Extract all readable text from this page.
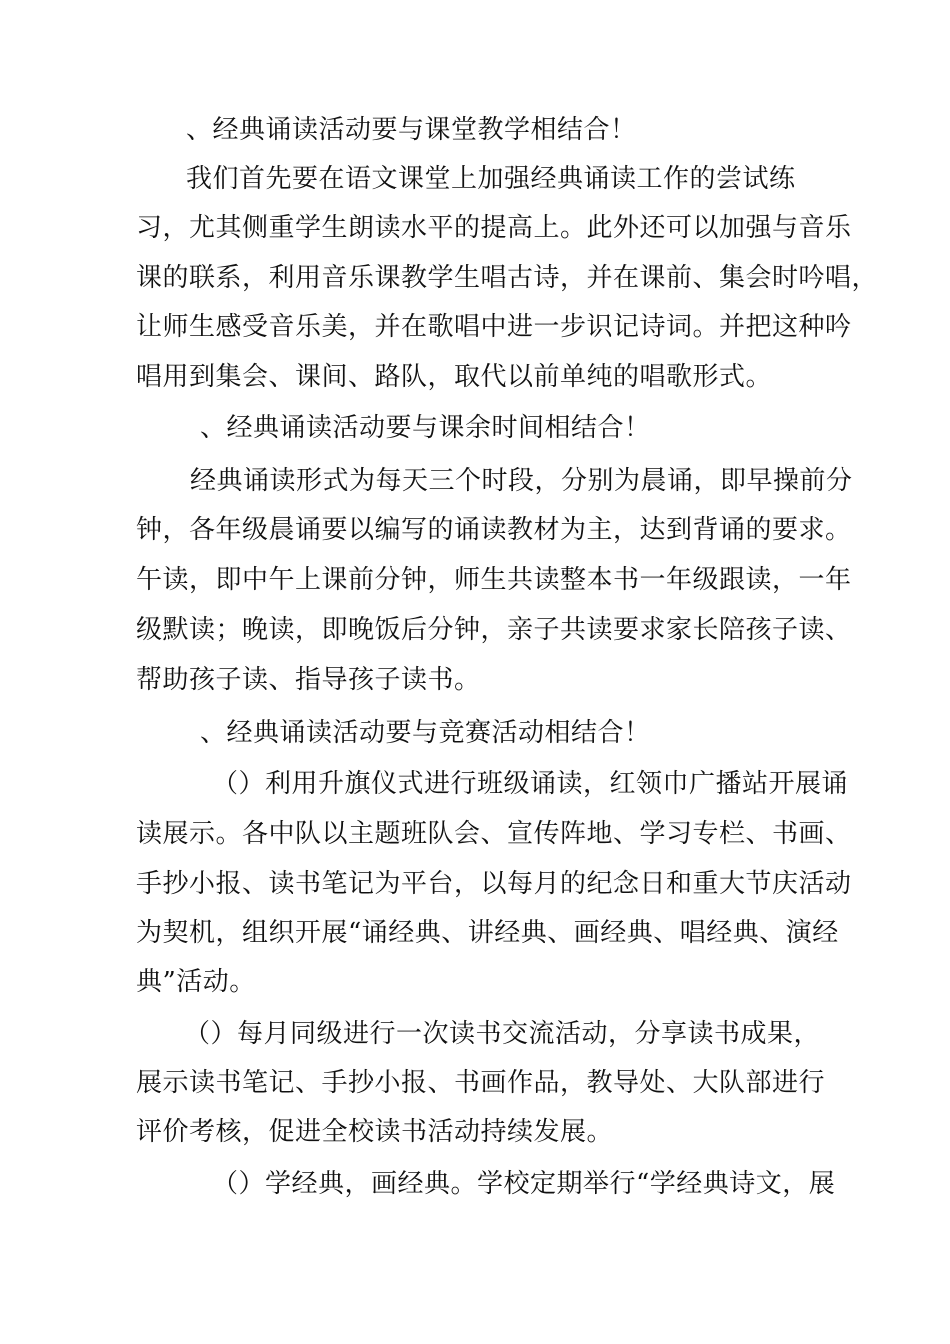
、经典诵读活动要与课堂教学相结合！
我们首先要在语文课堂上加强经典诵读工作的尝试练
习，尤其侧重学生朗读水平的提高上。此外还可以加强与音乐
课的联系，利用音乐课教学生唱古诗，并在课前、集会时吟唱，
让师生感受音乐美，并在歌唱中进一步识记诗词。并把这种吟
唱用到集会、课间、路队，取代以前单纯的唱歌形式。
、经典诵读活动要与课余时间相结合！
经典诵读形式为每天三个时段，分别为晨诵，即早操前分
钟，各年级晨诵要以编写的诵读教材为主，达到背诵的要求。
午读，即中午上课前分钟，师生共读整本书一年级跟读，一年
级默读；晚读，即晚饭后分钟，亲子共读要求家长陪孩子读、
帮助孩子读、指导孩子读书。
、经典诵读活动要与竞赛活动相结合！
（）利用升旗仪式进行班级诵读，红领巾广播站开展诵
读展示。各中队以主题班队会、宣传阵地、学习专栏、书画、
手抄小报、读书笔记为平台，以每月的纪念日和重大节庆活动
为契机，组织开展“诵经典、讲经典、画经典、唱经典、演经
典”活动。
（）每月同级进行一次读书交流活动，分享读书成果，
展示读书笔记、手抄小报、书画作品，教导处、大队部进行
评价考核，促进全校读书活动持续发展。
（）学经典，画经典。学校定期举行“学经典诗文，展
